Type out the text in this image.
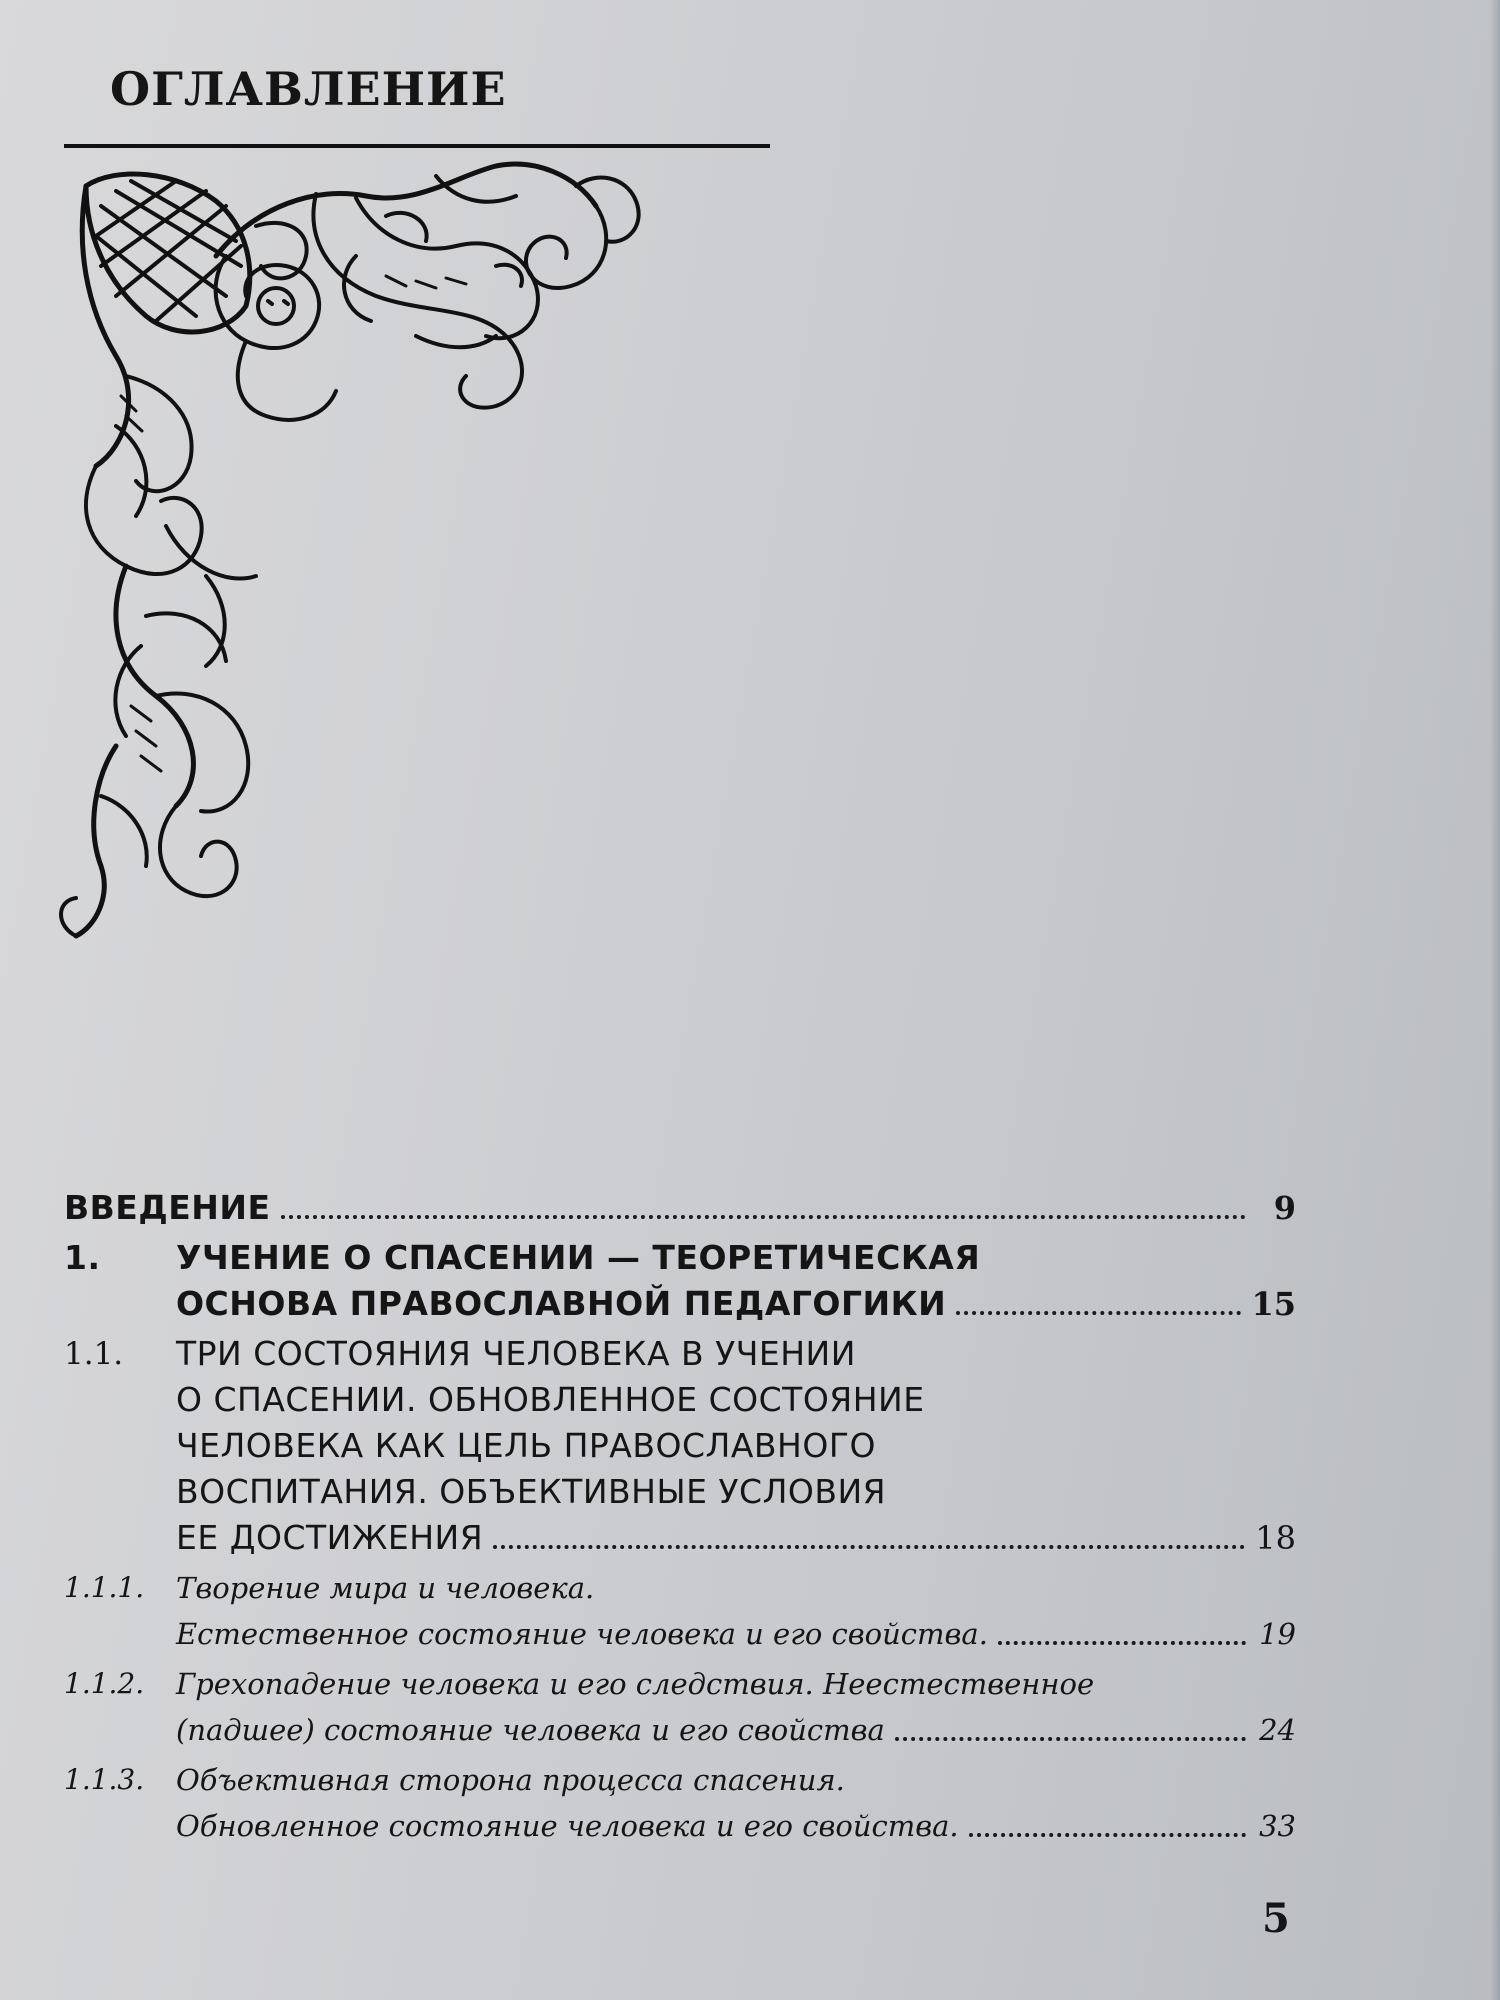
ОГЛАВЛЕНИЕ
ВВЕДЕНИЕ	9
1.	УЧЕНИЕ О СПАСЕНИИ — ТЕОРЕТИЧЕСКАЯ
ОСНОВА ПРАВОСЛАВНОЙ ПЕДАГОГИКИ	15
1.1.	ТРИ СОСТОЯНИЯ ЧЕЛОВЕКА В УЧЕНИИ
О СПАСЕНИИ. ОБНОВЛЕННОЕ СОСТОЯНИЕ
ЧЕЛОВЕКА КАК ЦЕЛЬ ПРАВОСЛАВНОГО
ВОСПИТАНИЯ. ОБЪЕКТИВНЫЕ УСЛОВИЯ
ЕЕ ДОСТИЖЕНИЯ	18
1.1.1.	Творение мира и человека.
Естественное состояние человека и его свойства.	19
1.1.2.	Грехопадение человека и его следствия. Неестественное
(падшее) состояние человека и его свойства	24
1.1.3.	Объективная сторона процесса спасения.
Обновленное состояние человека и его свойства.	33
5
